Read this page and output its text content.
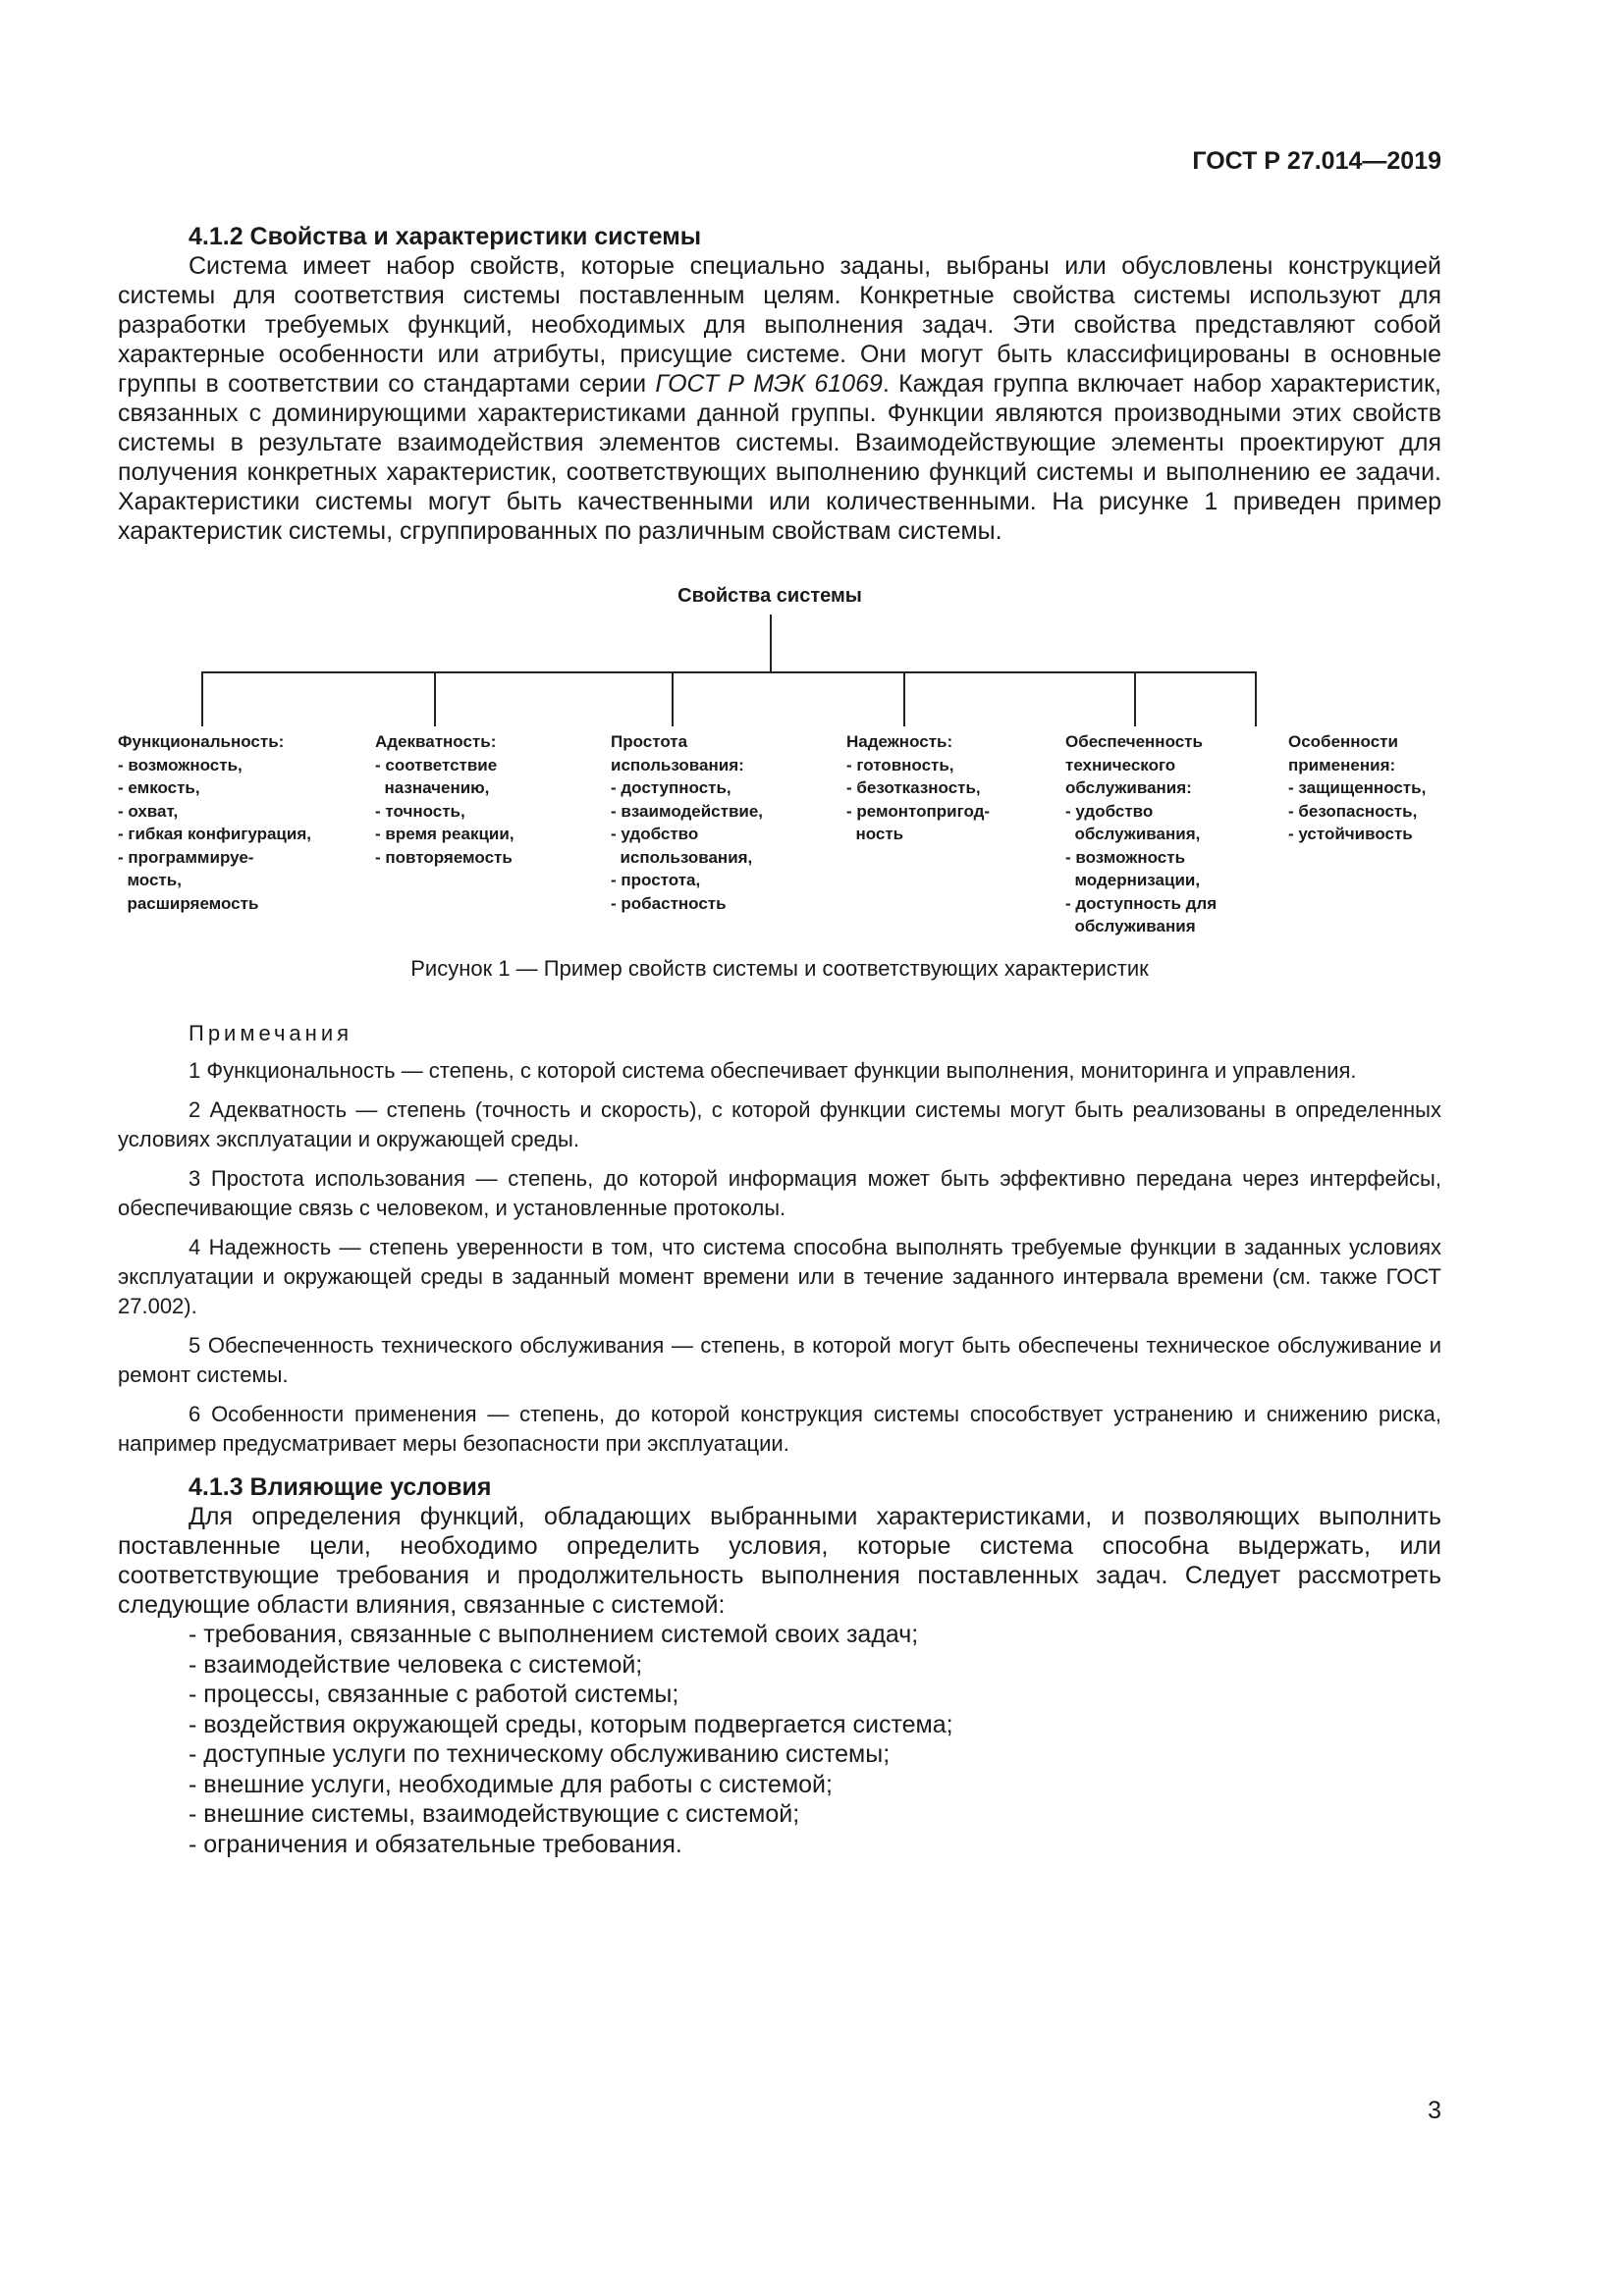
ГОСТ Р 27.014—2019
4.1.2 Свойства и характеристики системы

Система имеет набор свойств, которые специально заданы, выбраны или обусловлены конструкцией системы для соответствия системы поставленным целям. Конкретные свойства системы используют для разработки требуемых функций, необходимых для выполнения задач. Эти свойства представляют собой характерные особенности или атрибуты, присущие системе. Они могут быть классифицированы в основные группы в соответствии со стандартами серии ГОСТ Р МЭК 61069. Каждая группа включает набор характеристик, связанных с доминирующими характеристиками данной группы. Функции являются производными этих свойств системы в результате взаимодействия элементов системы. Взаимодействующие элементы проектируют для получения конкретных характеристик, соответствующих выполнению функций системы и выполнению ее задачи. Характеристики системы могут быть качественными или количественными. На рисунке 1 приведен пример характеристик системы, сгруппированных по различным свойствам системы.

Свойства системы
Функциональность:
- возможность,
- емкость,
- охват,
- гибкая конфигурация,
- программируе-
мость,
расширяемость
Адекватность:
- соответствие
назначению,
- точность,
- время реакции,
- повторяемость
Простота
использования:
- доступность,
- взаимодействие,
- удобство
использования,
- простота,
- робастность
Надежность:
- готовность,
- безотказность,
- ремонтопригод-
ность
Обеспеченность
технического
обслуживания:
- удобство
обслуживания,
- возможность
модернизации,
- доступность для
обслуживания
Особенности
применения:
- защищенность,
- безопасность,
- устойчивость

Рисунок 1 — Пример свойств системы и соответствующих характеристик

Примечания

1 Функциональность — степень, с которой система обеспечивает функции выполнения, мониторинга и управления.

2 Адекватность — степень (точность и скорость), с которой функции системы могут быть реализованы в определенных условиях эксплуатации и окружающей среды.

3 Простота использования — степень, до которой информация может быть эффективно передана через интерфейсы, обеспечивающие связь с человеком, и установленные протоколы.

4 Надежность — степень уверенности в том, что система способна выполнять требуемые функции в заданных условиях эксплуатации и окружающей среды в заданный момент времени или в течение заданного интервала времени (см. также ГОСТ 27.002).

5 Обеспеченность технического обслуживания — степень, в которой могут быть обеспечены техническое обслуживание и ремонт системы.

6 Особенности применения — степень, до которой конструкция системы способствует устранению и снижению риска, например предусматривает меры безопасности при эксплуатации.

4.1.3 Влияющие условия

Для определения функций, обладающих выбранными характеристиками, и позволяющих выполнить поставленные цели, необходимо определить условия, которые система способна выдержать, или соответствующие требования и продолжительность выполнения поставленных задач. Следует рассмотреть следующие области влияния, связанные с системой:

- требования, связанные с выполнением системой своих задач;
- взаимодействие человека с системой;
- процессы, связанные с работой системы;
- воздействия окружающей среды, которым подвергается система;
- доступные услуги по техническому обслуживанию системы;
- внешние услуги, необходимые для работы с системой;
- внешние системы, взаимодействующие с системой;
- ограничения и обязательные требования.
3
